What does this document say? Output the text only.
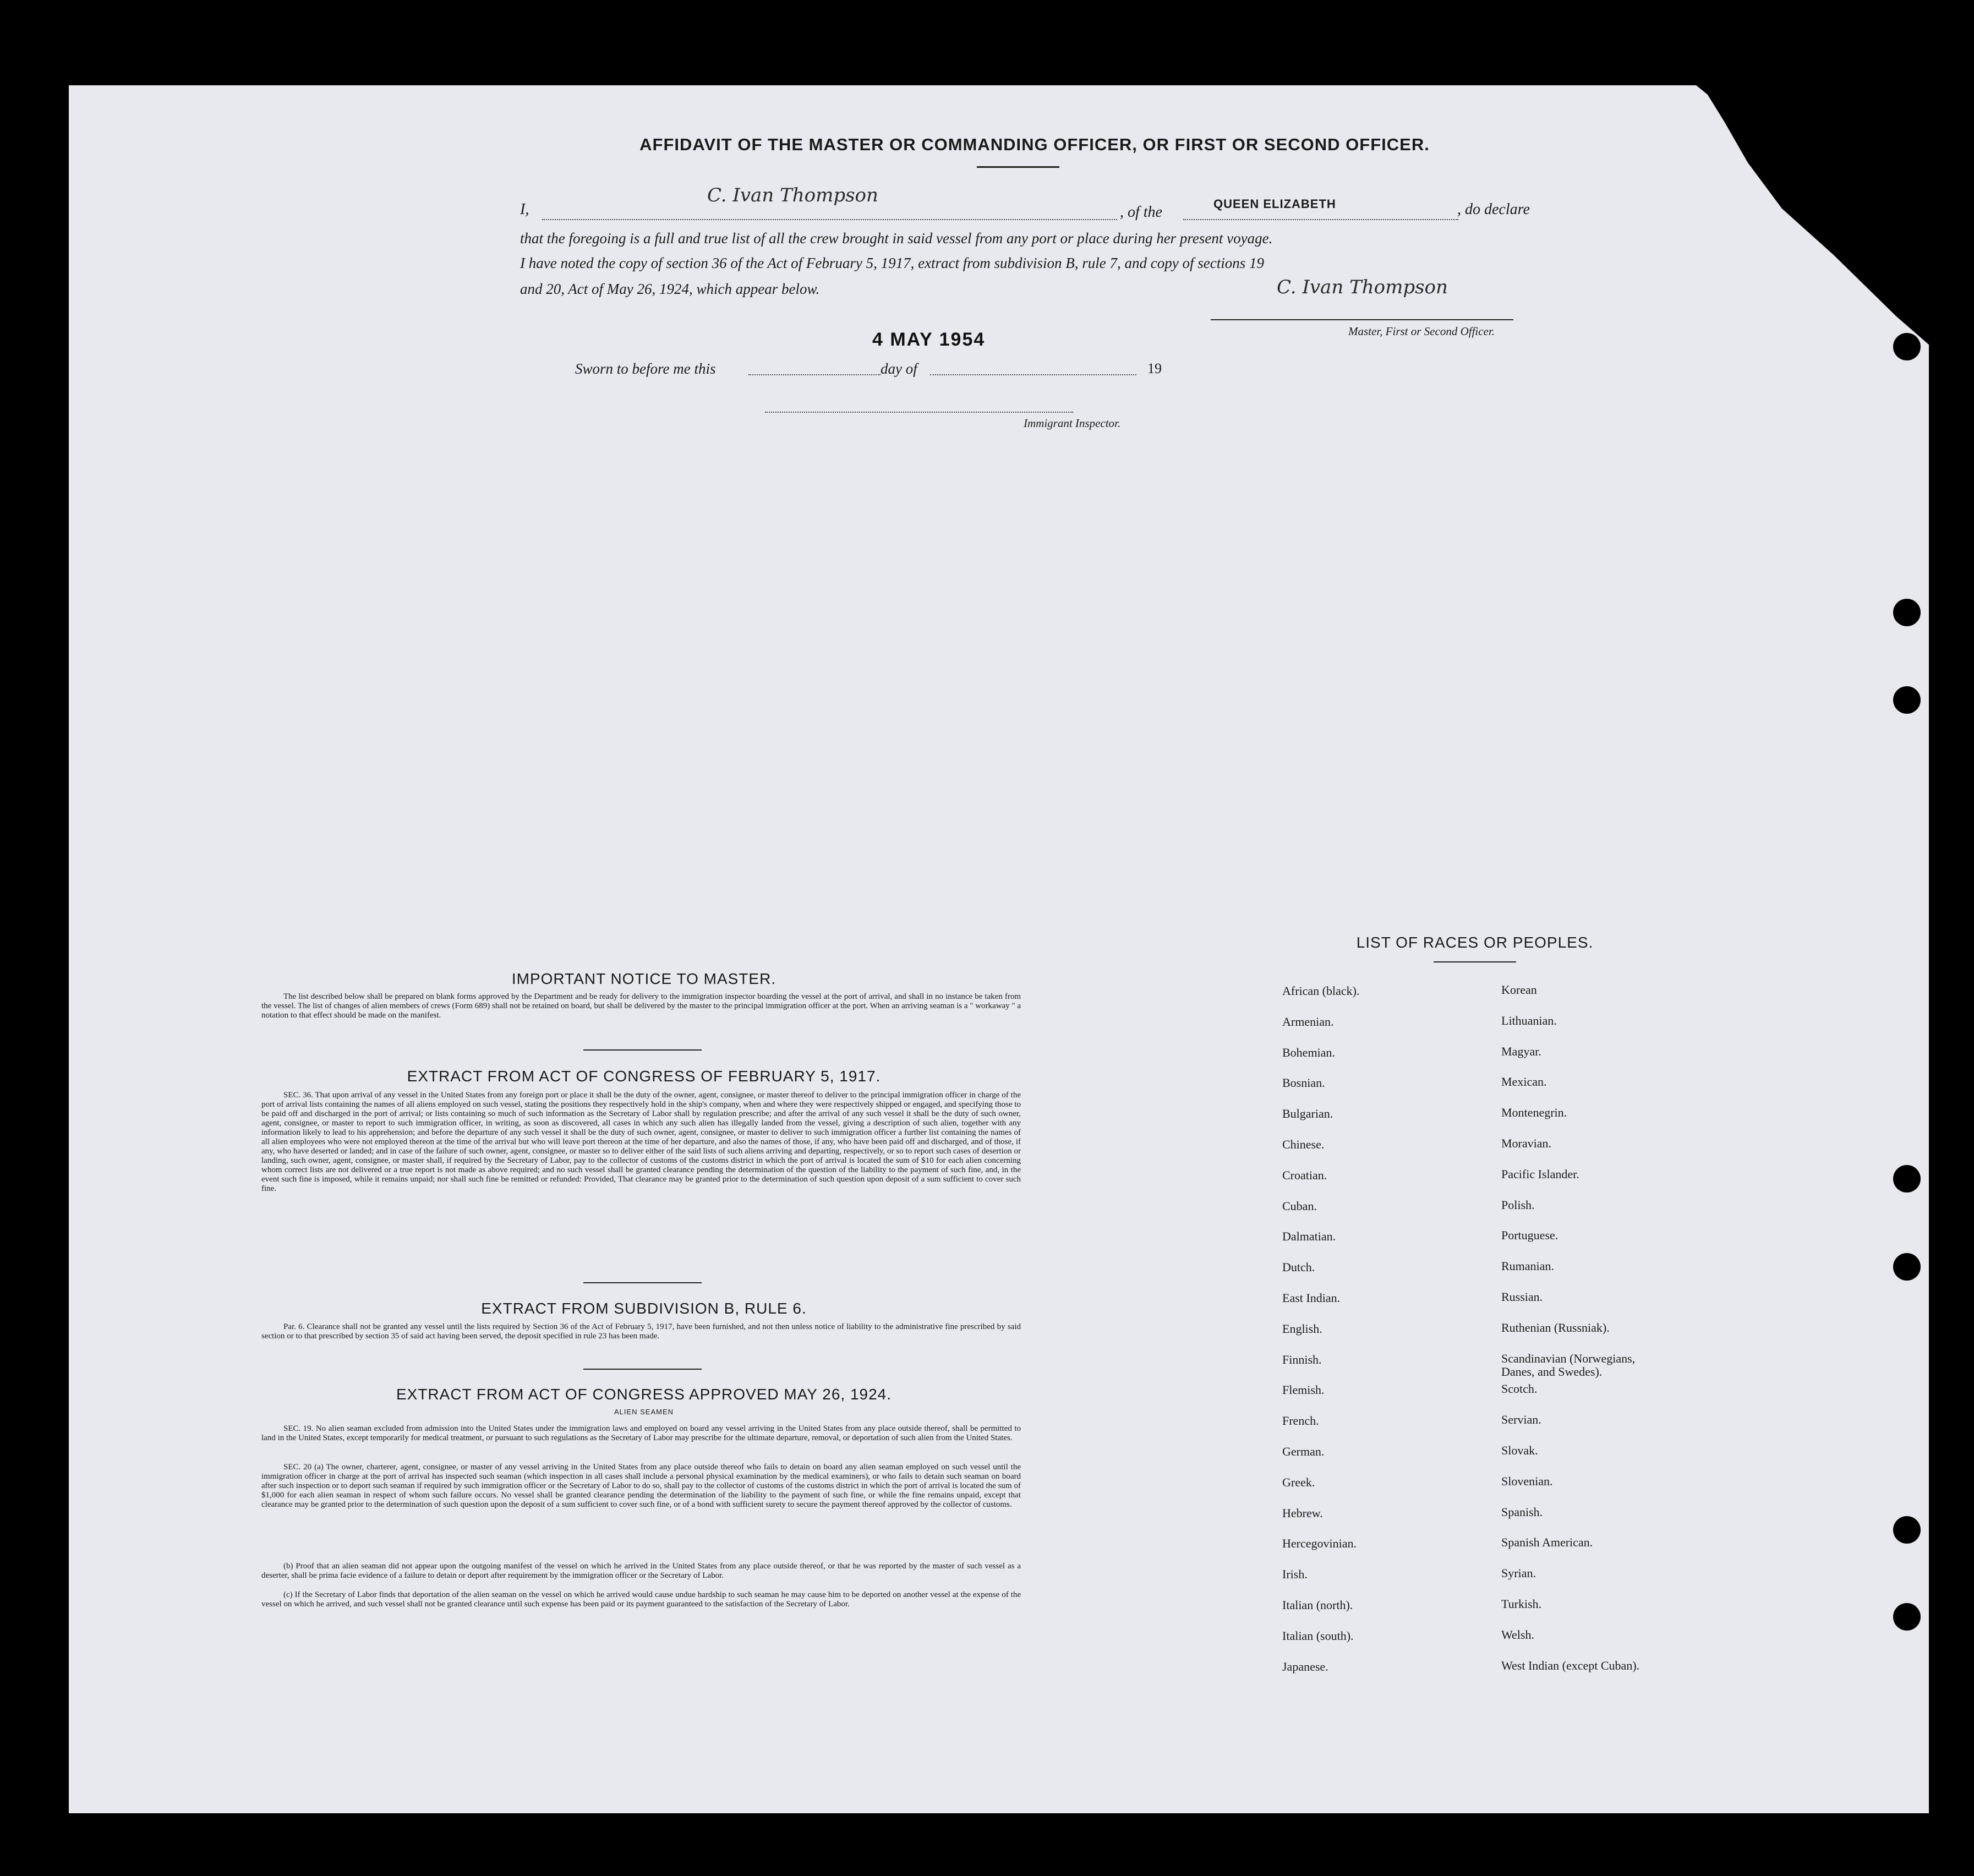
AFFIDAVIT OF THE MASTER OR COMMANDING OFFICER, OR FIRST OR SECOND OFFICER.
I,
C. Ivan Thompson
, of the	QUEEN ELIZABETH	, do declare
that the foregoing is a full and true list of all the crew brought in said vessel from any port or place during her present voyage.
I have noted the copy of section 36 of the Act of February 5, 1917, extract from subdivision B, rule 7, and copy of sections 19
and 20, Act of May 26, 1924, which appear below.	C. Ivan Thompson
Master, First or Second Officer.
4 MAY 1954
Sworn to before me this	day of	19
Immigrant Inspector.
IMPORTANT NOTICE TO MASTER.
The list described below shall be prepared on blank forms approved by the Department and be ready for delivery to the immigration inspector boarding the vessel at the port of arrival, and shall in no instance be taken from the vessel. The list of changes of alien members of crews (Form 689) shall not be retained on board, but shall be delivered by the master to the principal immigration officer at the port. When an arriving seaman is a " workaway " a notation to that effect should be made on the manifest.
EXTRACT FROM ACT OF CONGRESS OF FEBRUARY 5, 1917.
SEC. 36. That upon arrival of any vessel in the United States from any foreign port or place it shall be the duty of the owner, agent, consignee, or master thereof to deliver to the principal immigration officer in charge of the port of arrival lists containing the names of all aliens employed on such vessel, stating the positions they respectively hold in the ship's company, when and where they were respectively shipped or engaged, and specifying those to be paid off and discharged in the port of arrival; or lists containing so much of such information as the Secretary of Labor shall by regulation prescribe; and after the arrival of any such vessel it shall be the duty of such owner, agent, consignee, or master to report to such immigration officer, in writing, as soon as discovered, all cases in which any such alien has illegally landed from the vessel, giving a description of such alien, together with any information likely to lead to his apprehension; and before the departure of any such vessel it shall be the duty of such owner, agent, consignee, or master to deliver to such immigration officer a further list containing the names of all alien employees who were not employed thereon at the time of the arrival but who will leave port thereon at the time of her departure, and also the names of those, if any, who have been paid off and discharged, and of those, if any, who have deserted or landed; and in case of the failure of such owner, agent, consignee, or master so to deliver either of the said lists of such aliens arriving and departing, respectively, or so to report such cases of desertion or landing, such owner, agent, consignee, or master shall, if required by the Secretary of Labor, pay to the collector of customs of the customs district in which the port of arrival is located the sum of $10 for each alien concerning whom correct lists are not delivered or a true report is not made as above required; and no such vessel shall be granted clearance pending the determination of the question of the liability to the payment of such fine, and, in the event such fine is imposed, while it remains unpaid; nor shall such fine be remitted or refunded: Provided, That clearance may be granted prior to the determination of such question upon deposit of a sum sufficient to cover such fine.
EXTRACT FROM SUBDIVISION B, RULE 6.
Par. 6. Clearance shall not be granted any vessel until the lists required by Section 36 of the Act of February 5, 1917, have been furnished, and not then unless notice of liability to the administrative fine prescribed by said section or to that prescribed by section 35 of said act having been served, the deposit specified in rule 23 has been made.
EXTRACT FROM ACT OF CONGRESS APPROVED MAY 26, 1924.
ALIEN SEAMEN
SEC. 19. No alien seaman excluded from admission into the United States under the immigration laws and employed on board any vessel arriving in the United States from any place outside thereof, shall be permitted to land in the United States, except temporarily for medical treatment, or pursuant to such regulations as the Secretary of Labor may prescribe for the ultimate departure, removal, or deportation of such alien from the United States.
SEC. 20 (a) The owner, charterer, agent, consignee, or master of any vessel arriving in the United States from any place outside thereof who fails to detain on board any alien seaman employed on such vessel until the immigration officer in charge at the port of arrival has inspected such seaman (which inspection in all cases shall include a personal physical examination by the medical examiners), or who fails to detain such seaman on board after such inspection or to deport such seaman if required by such immigration officer or the Secretary of Labor to do so, shall pay to the collector of customs of the customs district in which the port of arrival is located the sum of $1,000 for each alien seaman in respect of whom such failure occurs. No vessel shall be granted clearance pending the determination of the liability to the payment of such fine, or while the fine remains unpaid, except that clearance may be granted prior to the determination of such question upon the deposit of a sum sufficient to cover such fine, or of a bond with sufficient surety to secure the payment thereof approved by the collector of customs.
(b) Proof that an alien seaman did not appear upon the outgoing manifest of the vessel on which he arrived in the United States from any place outside thereof, or that he was reported by the master of such vessel as a deserter, shall be prima facie evidence of a failure to detain or deport after requirement by the immigration officer or the Secretary of Labor.
(c) If the Secretary of Labor finds that deportation of the alien seaman on the vessel on which he arrived would cause undue hardship to such seaman he may cause him to be deported on another vessel at the expense of the vessel on which he arrived, and such vessel shall not be granted clearance until such expense has been paid or its payment guaranteed to the satisfaction of the Secretary of Labor.
LIST OF RACES OR PEOPLES.
African (black).
Armenian.
Bohemian.
Bosnian.
Bulgarian.
Chinese.
Croatian.
Cuban.
Dalmatian.
Dutch.
East Indian.
English.
Finnish.
Flemish.
French.
German.
Greek.
Hebrew.
Hercegovinian.
Irish.
Italian (north).
Italian (south).
Japanese.
Korean
Lithuanian.
Magyar.
Mexican.
Montenegrin.
Moravian.
Pacific Islander.
Polish.
Portuguese.
Rumanian.
Russian.
Ruthenian (Russniak).
Scandinavian (Norwegians,
Scotch.
Servian.
Slovak.
Slovenian.
Spanish.
Spanish American.
Syrian.
Turkish.
Welsh.
West Indian (except Cuban).
Danes, and Swedes).
